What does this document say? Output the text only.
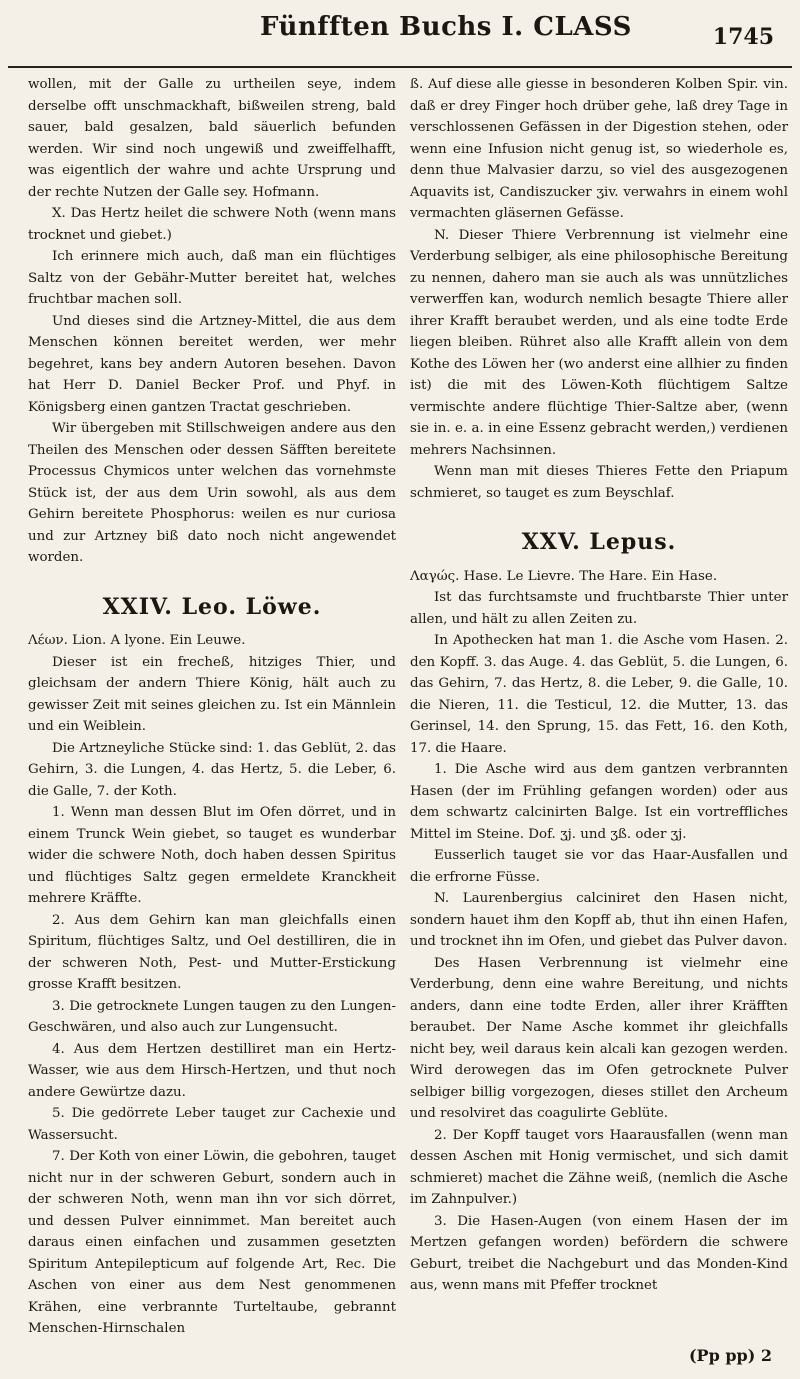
Fünfften Buchs I. CLASS	1745

wollen, mit der Galle zu urtheilen seye, indem derselbe offt unschmackhaft, bißweilen streng, bald sauer, bald gesalzen, bald säuerlich befunden werden. Wir sind noch ungewiß und zweiffelhafft, was eigentlich der wahre und achte Ursprung und der rechte Nutzen der Galle sey. Hofmann.

X. Das Hertz heilet die schwere Noth (wenn mans trocknet und giebet.)

Ich erinnere mich auch, daß man ein flüchtiges Saltz von der Gebähr-Mutter bereitet hat, welches fruchtbar machen soll.

Und dieses sind die Artzney-Mittel, die aus dem Menschen können bereitet werden, wer mehr begehret, kans bey andern Autoren besehen. Davon hat Herr D. Daniel Becker Prof. und Phyf. in Königsberg einen gantzen Tractat geschrieben.

Wir übergeben mit Stillschweigen andere aus den Theilen des Menschen oder dessen Säfften bereitete Processus Chymicos unter welchen das vornehmste Stück ist, der aus dem Urin sowohl, als aus dem Gehirn bereitete Phosphorus: weilen es nur curiosa und zur Artzney biß dato noch nicht angewendet worden.

XXIV. Leo. Löwe.

Λέων. Lion. A lyone. Ein Leuwe.

Dieser ist ein frecheß, hitziges Thier, und gleichsam der andern Thiere König, hält auch zu gewisser Zeit mit seines gleichen zu. Ist ein Männlein und ein Weiblein.

Die Artzneyliche Stücke sind: 1. das Geblüt, 2. das Gehirn, 3. die Lungen, 4. das Hertz, 5. die Leber, 6. die Galle, 7. der Koth.

1. Wenn man dessen Blut im Ofen dörret, und in einem Trunck Wein giebet, so tauget es wunderbar wider die schwere Noth, doch haben dessen Spiritus und flüchtiges Saltz gegen ermeldete Kranckheit mehrere Kräffte.

2. Aus dem Gehirn kan man gleichfalls einen Spiritum, flüchtiges Saltz, und Oel destilliren, die in der schweren Noth, Pest- und Mutter-Erstickung grosse Krafft besitzen.

3. Die getrocknete Lungen taugen zu den Lungen-Geschwären, und also auch zur Lungensucht.

4. Aus dem Hertzen destilliret man ein Hertz-Wasser, wie aus dem Hirsch-Hertzen, und thut noch andere Gewürtze dazu.

5. Die gedörrete Leber tauget zur Cachexie und Wassersucht.

7. Der Koth von einer Löwin, die gebohren, tauget nicht nur in der schweren Geburt, sondern auch in der schweren Noth, wenn man ihn vor sich dörret, und dessen Pulver einnimmet. Man bereitet auch daraus einen einfachen und zusammen gesetzten Spiritum Antepilepticum auf folgende Art, Rec. Die Aschen von einer aus dem Nest genommenen Krähen, eine verbrannte Turteltaube, gebrannt Menschen-Hirnschalen

ß. Auf diese alle giesse in besonderen Kolben Spir. vin. daß er drey Finger hoch drüber gehe, laß drey Tage in verschlossenen Gefässen in der Digestion stehen, oder wenn eine Infusion nicht genug ist, so wiederhole es, denn thue Malvasier darzu, so viel des ausgezogenen Aquavits ist, Candiszucker ʒiv. verwahrs in einem wohl vermachten gläsernen Gefässe.

N. Dieser Thiere Verbrennung ist vielmehr eine Verderbung selbiger, als eine philosophische Bereitung zu nennen, dahero man sie auch als was unnützliches verwerffen kan, wodurch nemlich besagte Thiere aller ihrer Krafft beraubet werden, und als eine todte Erde liegen bleiben. Rühret also alle Krafft allein von dem Kothe des Löwen her (wo anderst eine allhier zu finden ist) die mit des Löwen-Koth flüchtigem Saltze vermischte andere flüchtige Thier-Saltze aber, (wenn sie in. e. a. in eine Essenz gebracht werden,) verdienen mehrers Nachsinnen.

Wenn man mit dieses Thieres Fette den Priapum schmieret, so tauget es zum Beyschlaf.

XXV. Lepus.

Λαγώς. Hase. Le Lievre. The Hare. Ein Hase.

Ist das furchtsamste und fruchtbarste Thier unter allen, und hält zu allen Zeiten zu.

In Apothecken hat man 1. die Asche vom Hasen. 2. den Kopff. 3. das Auge. 4. das Geblüt, 5. die Lungen, 6. das Gehirn, 7. das Hertz, 8. die Leber, 9. die Galle, 10. die Nieren, 11. die Testicul, 12. die Mutter, 13. das Gerinsel, 14. den Sprung, 15. das Fett, 16. den Koth, 17. die Haare.

1. Die Asche wird aus dem gantzen verbrannten Hasen (der im Frühling gefangen worden) oder aus dem schwartz calcinirten Balge. Ist ein vortreffliches Mittel im Steine. Dof. ʒj. und ʒß. oder ʒj.

Eusserlich tauget sie vor das Haar-Ausfallen und die erfrorne Füsse.

N. Laurenbergius calciniret den Hasen nicht, sondern hauet ihm den Kopff ab, thut ihn einen Hafen, und trocknet ihn im Ofen, und giebet das Pulver davon.

Des Hasen Verbrennung ist vielmehr eine Verderbung, denn eine wahre Bereitung, und nichts anders, dann eine todte Erden, aller ihrer Kräfften beraubet. Der Name Asche kommet ihr gleichfalls nicht bey, weil daraus kein alcali kan gezogen werden. Wird derowegen das im Ofen getrocknete Pulver selbiger billig vorgezogen, dieses stillet den Archeum und resolviret das coagulirte Geblüte.

2. Der Kopff tauget vors Haarausfallen (wenn man dessen Aschen mit Honig vermischet, und sich damit schmieret) machet die Zähne weiß, (nemlich die Asche im Zahnpulver.)

3. Die Hasen-Augen (von einem Hasen der im Mertzen gefangen worden) befördern die schwere Geburt, treibet die Nachgeburt und das Monden-Kind aus, wenn mans mit Pfeffer trocknet

(Pp pp) 2
